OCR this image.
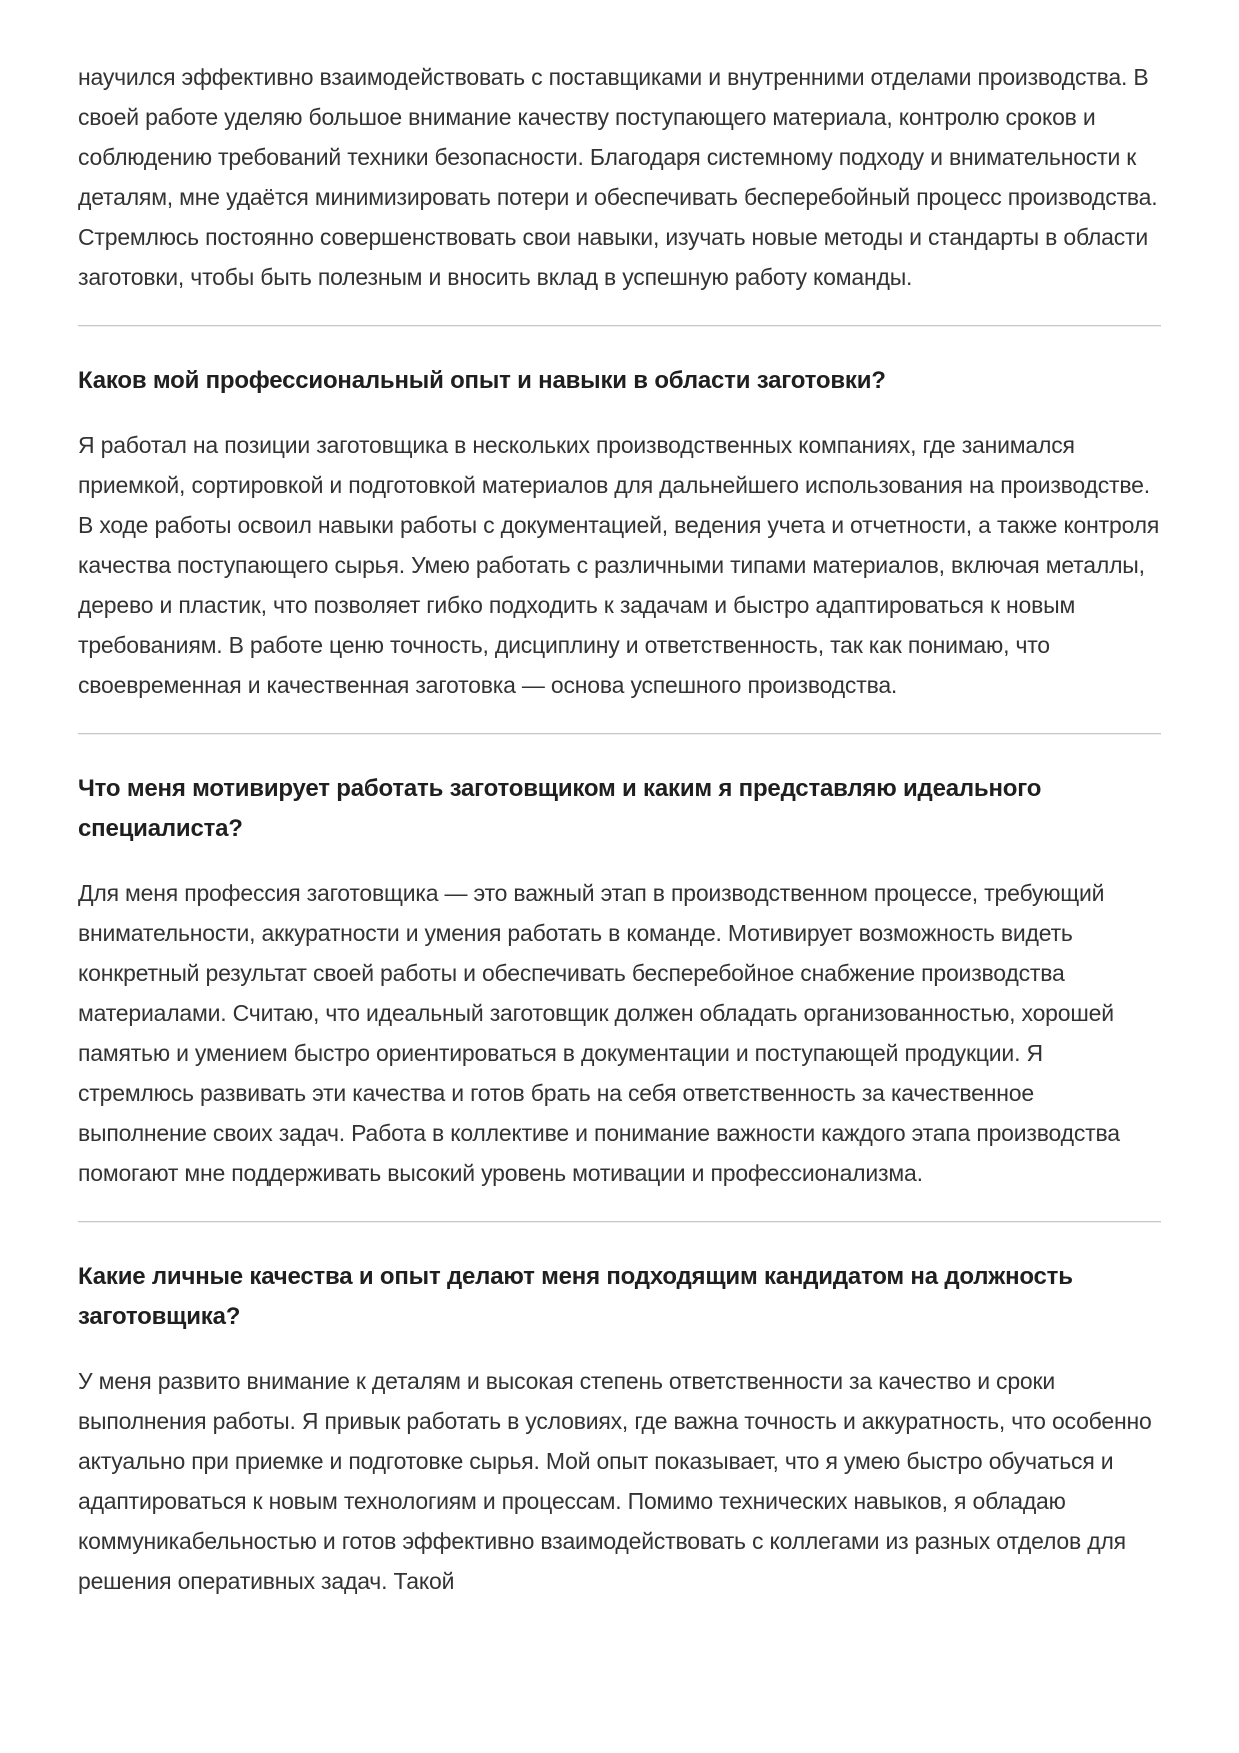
научился эффективно взаимодействовать с поставщиками и внутренними отделами производства. В своей работе уделяю большое внимание качеству поступающего материала, контролю сроков и соблюдению требований техники безопасности. Благодаря системному подходу и внимательности к деталям, мне удаётся минимизировать потери и обеспечивать бесперебойный процесс производства. Стремлюсь постоянно совершенствовать свои навыки, изучать новые методы и стандарты в области заготовки, чтобы быть полезным и вносить вклад в успешную работу команды.

Каков мой профессиональный опыт и навыки в области заготовки?

Я работал на позиции заготовщика в нескольких производственных компаниях, где занимался приемкой, сортировкой и подготовкой материалов для дальнейшего использования на производстве. В ходе работы освоил навыки работы с документацией, ведения учета и отчетности, а также контроля качества поступающего сырья. Умею работать с различными типами материалов, включая металлы, дерево и пластик, что позволяет гибко подходить к задачам и быстро адаптироваться к новым требованиям. В работе ценю точность, дисциплину и ответственность, так как понимаю, что своевременная и качественная заготовка — основа успешного производства.

Что меня мотивирует работать заготовщиком и каким я представляю идеального специалиста?

Для меня профессия заготовщика — это важный этап в производственном процессе, требующий внимательности, аккуратности и умения работать в команде. Мотивирует возможность видеть конкретный результат своей работы и обеспечивать бесперебойное снабжение производства материалами. Считаю, что идеальный заготовщик должен обладать организованностью, хорошей памятью и умением быстро ориентироваться в документации и поступающей продукции. Я стремлюсь развивать эти качества и готов брать на себя ответственность за качественное выполнение своих задач. Работа в коллективе и понимание важности каждого этапа производства помогают мне поддерживать высокий уровень мотивации и профессионализма.

Какие личные качества и опыт делают меня подходящим кандидатом на должность заготовщика?

У меня развито внимание к деталям и высокая степень ответственности за качество и сроки выполнения работы. Я привык работать в условиях, где важна точность и аккуратность, что особенно актуально при приемке и подготовке сырья. Мой опыт показывает, что я умею быстро обучаться и адаптироваться к новым технологиям и процессам. Помимо технических навыков, я обладаю коммуникабельностью и готов эффективно взаимодействовать с коллегами из разных отделов для решения оперативных задач. Такой
